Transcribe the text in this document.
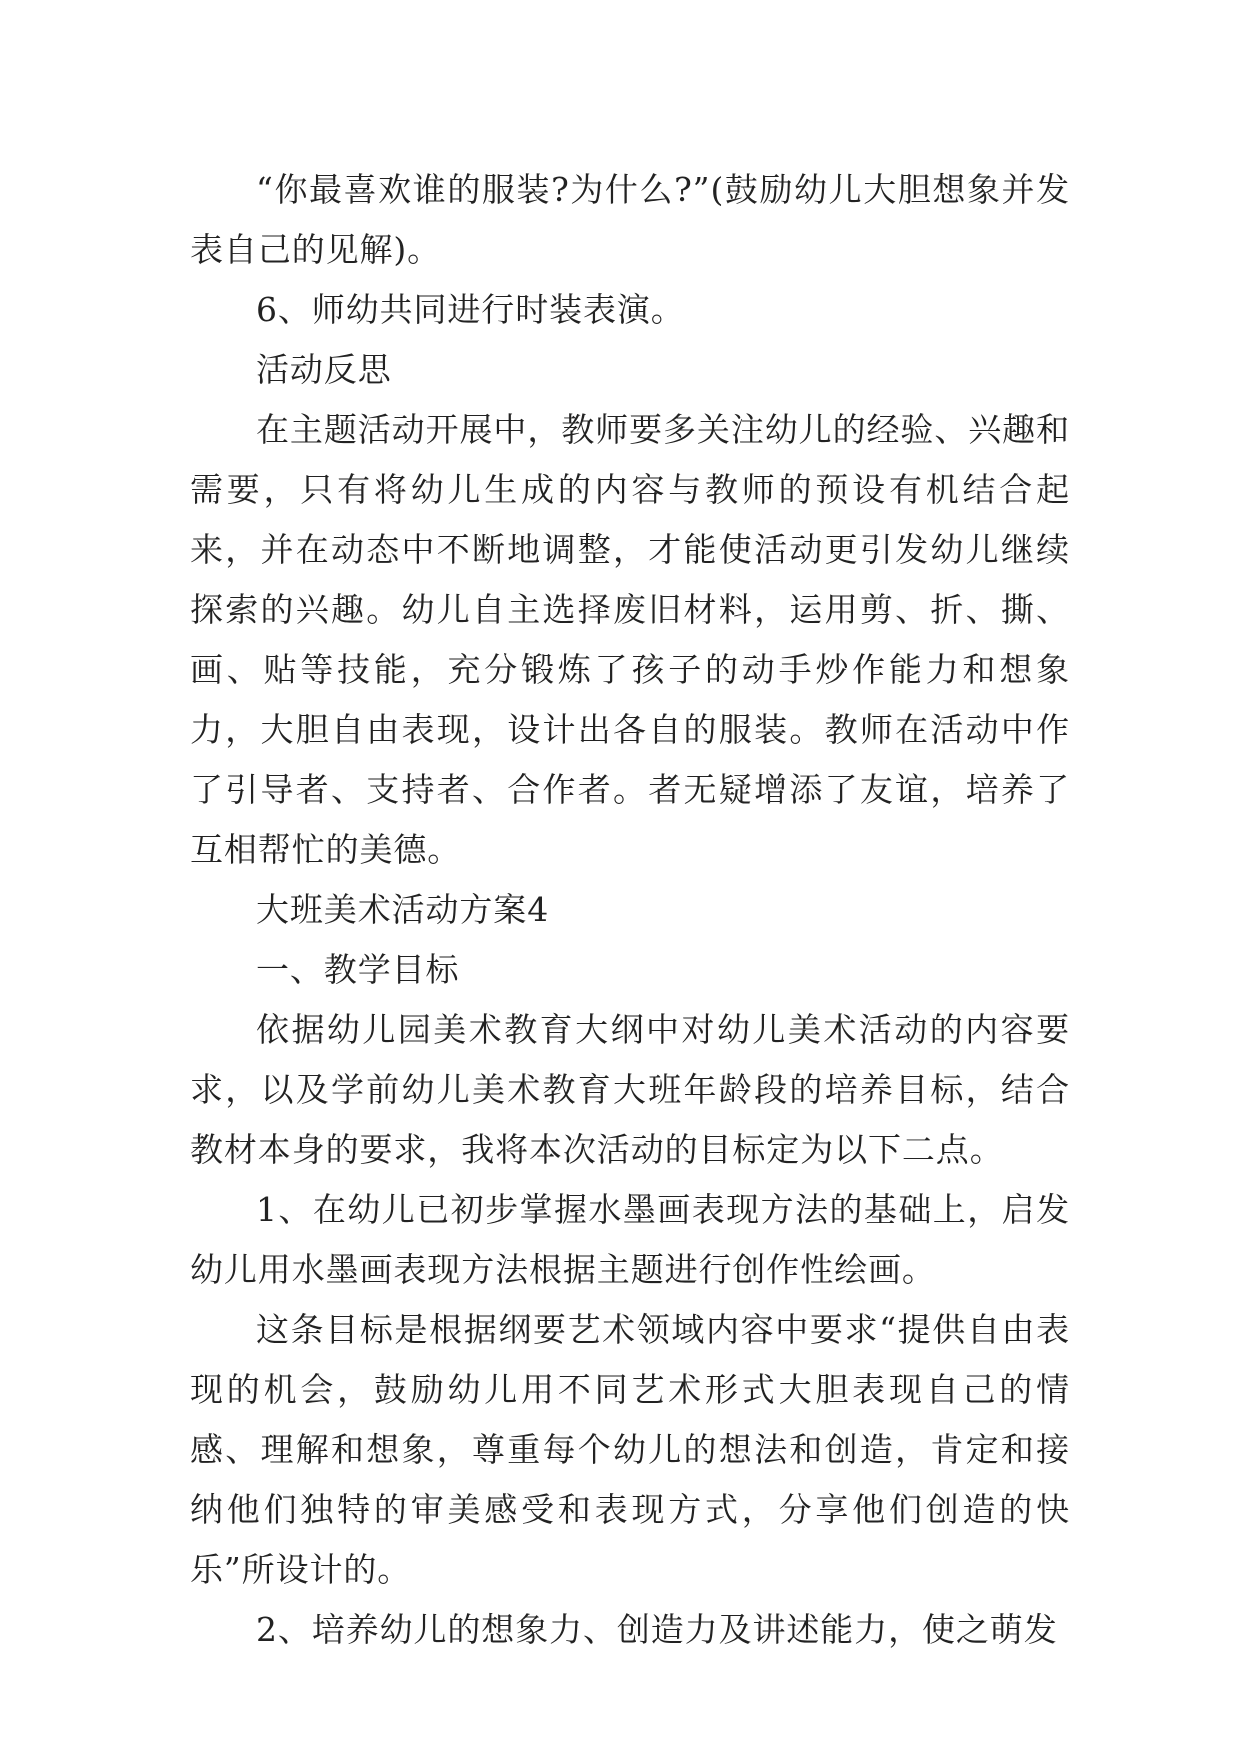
“你最喜欢谁的服装?为什么?”(鼓励幼儿大胆想象并发表自己的见解)。

6、师幼共同进行时装表演。

活动反思

在主题活动开展中，教师要多关注幼儿的经验、兴趣和需要，只有将幼儿生成的内容与教师的预设有机结合起来，并在动态中不断地调整，才能使活动更引发幼儿继续探索的兴趣。幼儿自主选择废旧材料，运用剪、折、撕、画、贴等技能，充分锻炼了孩子的动手炒作能力和想象力，大胆自由表现，设计出各自的服装。教师在活动中作了引导者、支持者、合作者。者无疑增添了友谊，培养了互相帮忙的美德。

大班美术活动方案4

一、教学目标

依据幼儿园美术教育大纲中对幼儿美术活动的内容要求，以及学前幼儿美术教育大班年龄段的培养目标，结合教材本身的要求，我将本次活动的目标定为以下二点。

1、在幼儿已初步掌握水墨画表现方法的基础上，启发幼儿用水墨画表现方法根据主题进行创作性绘画。

这条目标是根据纲要艺术领域内容中要求“提供自由表现的机会，鼓励幼儿用不同艺术形式大胆表现自己的情感、理解和想象，尊重每个幼儿的想法和创造，肯定和接纳他们独特的审美感受和表现方式，分享他们创造的快乐”所设计的。

2、培养幼儿的想象力、创造力及讲述能力，使之萌发
